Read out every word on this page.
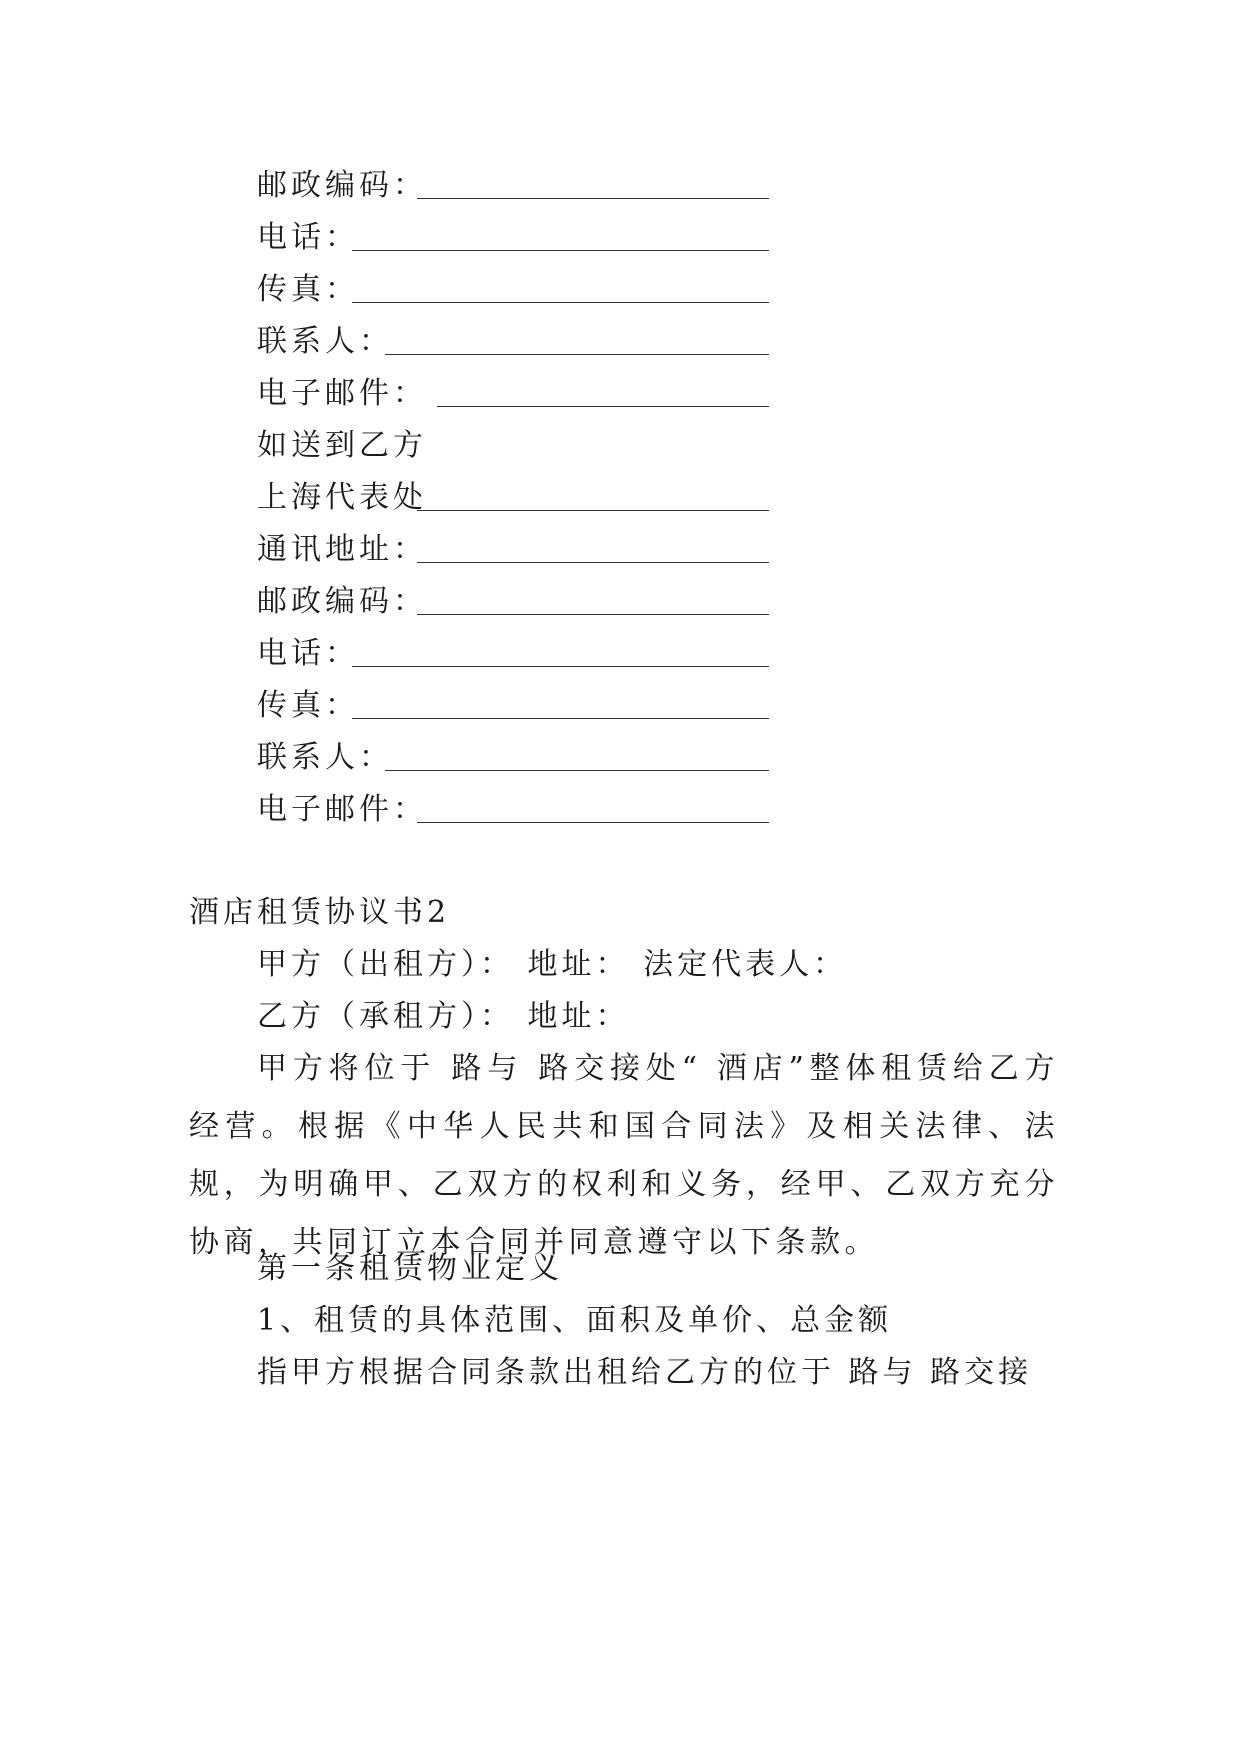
邮政编码：
电话：
传真：
联系人：
电子邮件：
如送到乙方
上海代表处
通讯地址：
邮政编码：
电话：
传真：
联系人：
电子邮件：
酒店租赁协议书2
甲方（出租方）： 地址： 法定代表人：
乙方（承租方）： 地址：
甲方将位于 路与 路交接处“ 酒店”整体租赁给乙方经营。根据《中华人民共和国合同法》及相关法律、法规，为明确甲、乙双方的权利和义务，经甲、乙双方充分协商，共同订立本合同并同意遵守以下条款。
第一条租赁物业定义
1、租赁的具体范围、面积及单价、总金额
指甲方根据合同条款出租给乙方的位于 路与 路交接
